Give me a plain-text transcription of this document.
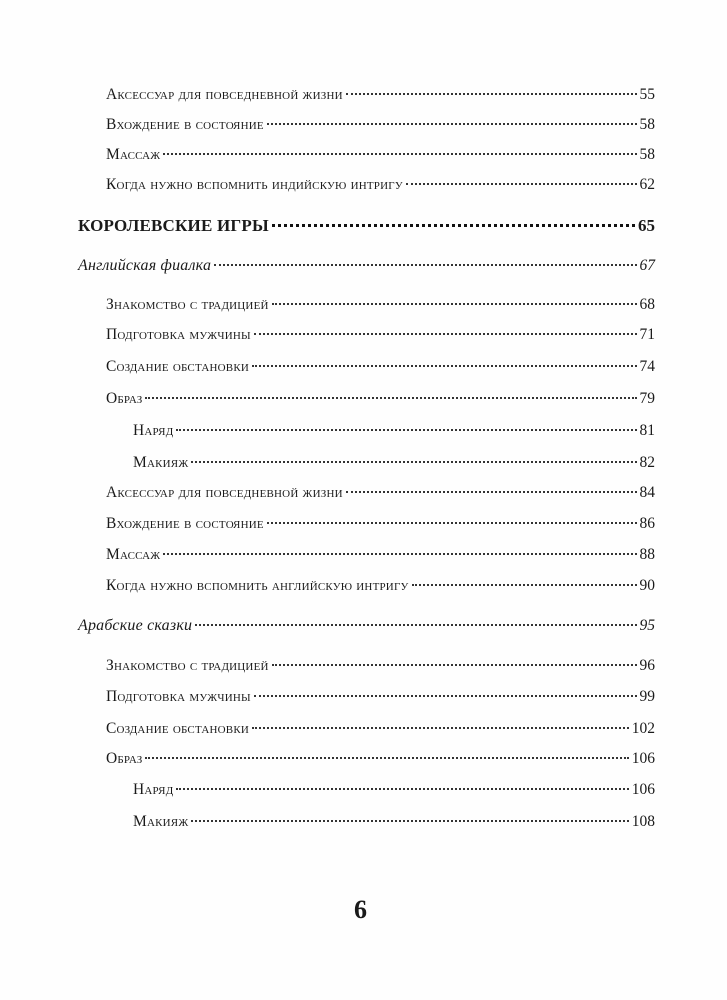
Аксессуар для повседневной жизни	55
Вхождение в состояние	58
Массаж	58
Когда нужно вспомнить индийскую интригу	62
КОРОЛЕВСКИЕ ИГРЫ	65
Английская фиалка	67
Знакомство с традицией	68
Подготовка мужчины	71
Создание обстановки	74
Образ	79
Наряд	81
Макияж	82
Аксессуар для повседневной жизни	84
Вхождение в состояние	86
Массаж	88
Когда нужно вспомнить английскую интригу	90
Арабские сказки	95
Знакомство с традицией	96
Подготовка мужчины	99
Создание обстановки	102
Образ	106
Наряд	106
Макияж	108
6
